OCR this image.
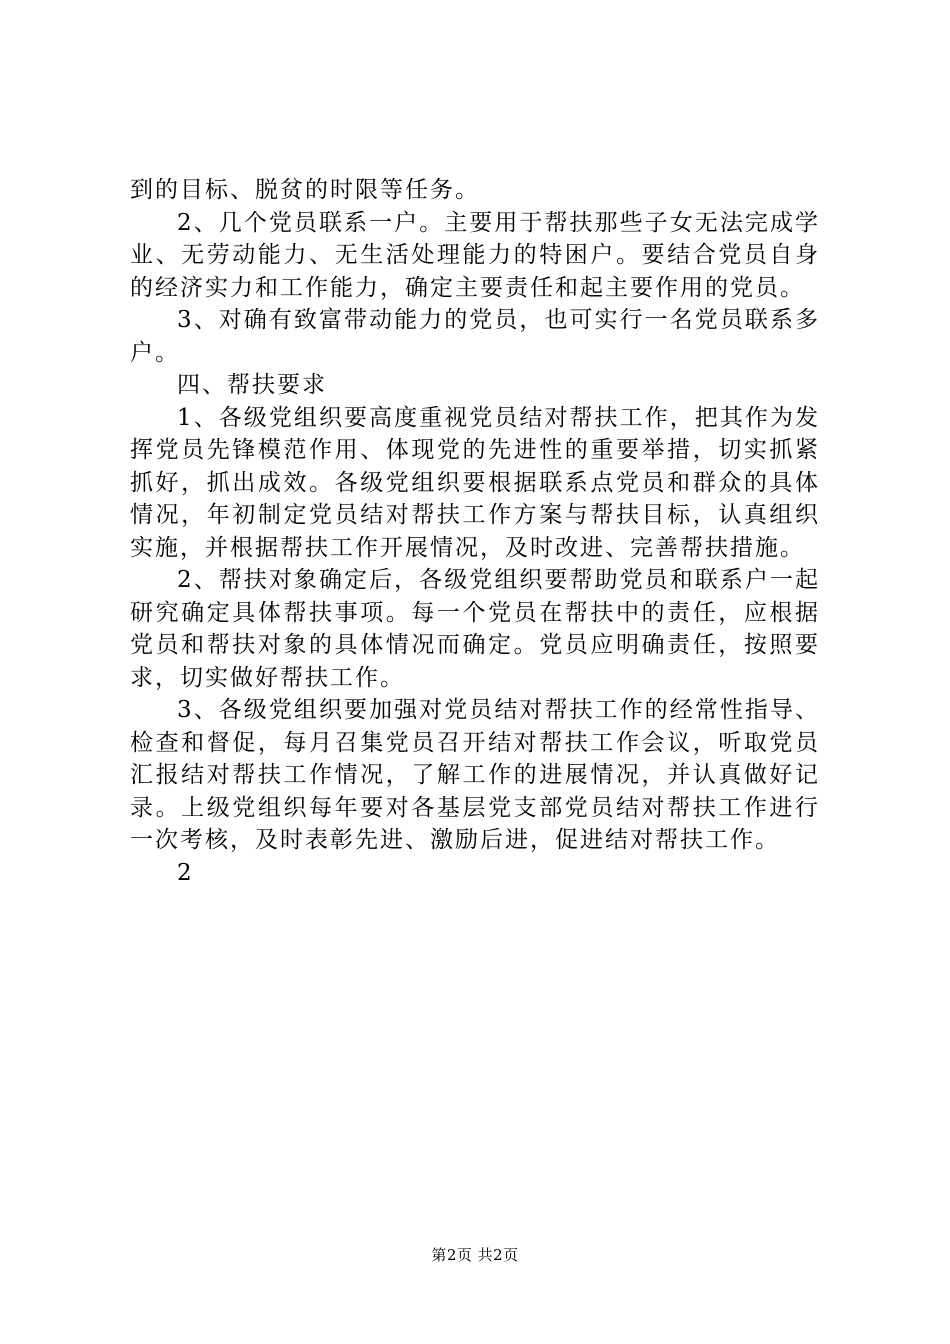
到的目标、脱贫的时限等任务。

2、几个党员联系一户。主要用于帮扶那些子女无法完成学业、无劳动能力、无生活处理能力的特困户。要结合党员自身的经济实力和工作能力，确定主要责任和起主要作用的党员。

3、对确有致富带动能力的党员，也可实行一名党员联系多户。

四、帮扶要求

1、各级党组织要高度重视党员结对帮扶工作，把其作为发挥党员先锋模范作用、体现党的先进性的重要举措，切实抓紧抓好，抓出成效。各级党组织要根据联系点党员和群众的具体情况，年初制定党员结对帮扶工作方案与帮扶目标，认真组织实施，并根据帮扶工作开展情况，及时改进、完善帮扶措施。

2、帮扶对象确定后，各级党组织要帮助党员和联系户一起研究确定具体帮扶事项。每一个党员在帮扶中的责任，应根据党员和帮扶对象的具体情况而确定。党员应明确责任，按照要求，切实做好帮扶工作。

3、各级党组织要加强对党员结对帮扶工作的经常性指导、检查和督促，每月召集党员召开结对帮扶工作会议，听取党员汇报结对帮扶工作情况，了解工作的进展情况，并认真做好记录。上级党组织每年要对各基层党支部党员结对帮扶工作进行一次考核，及时表彰先进、激励后进，促进结对帮扶工作。

2

第2页 共2页
